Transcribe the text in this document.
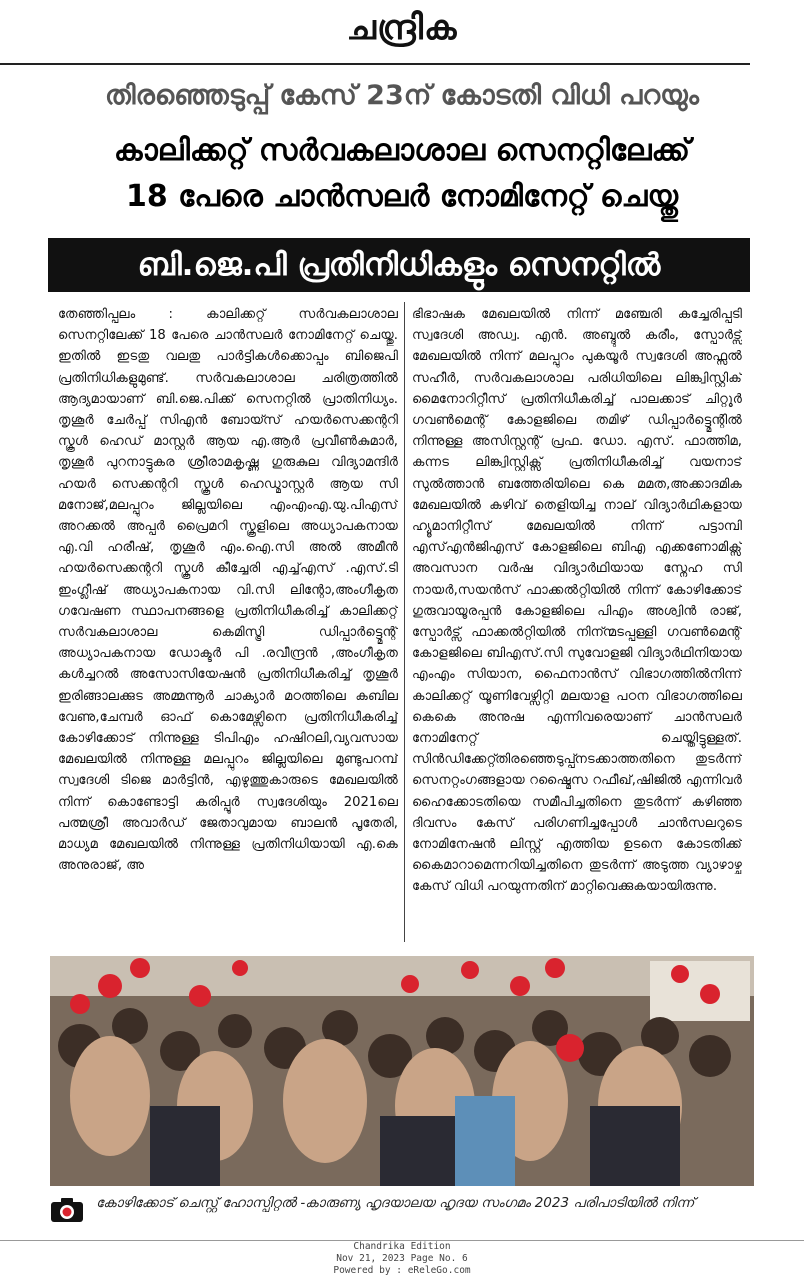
ചന്ദ്രിക
തിരഞ്ഞെടുപ്പ് കേസ് 23ന് കോടതി വിധി പറയും
കാലിക്കറ്റ് സർവകലാശാല സെനറ്റിലേക്ക്
18 പേരെ ചാൻസലർ നോമിനേറ്റ് ചെയ്തു
ബി.ജെ.പി പ്രതിനിധികളും സെനറ്റിൽ
തേഞ്ഞിപ്പലം : കാലിക്കറ്റ് സർവകലാശാല സെനറ്റിലേക്ക് 18 പേരെ ചാൻസലർ നോമിനേറ്റ് ചെയ്തു. ഇതിൽ ഇടതു വലതു പാർട്ടികൾക്കൊപ്പം ബിജെപി പ്രതിനിധികളുമുണ്ട്. സർവകലാശാല ചരിത്രത്തിൽ ആദ്യമായാണ് ബി.ജെ.പിക്ക് സെനറ്റിൽ പ്രാതിനിധ്യം. തൃശൂർ ചേർപ്പ് സിഎൻ ബോയ്സ് ഹയർസെക്കന്ററി സ്കൂൾ ഹെഡ് മാസ്റ്റർ ആയ എ.ആർ പ്രവീൺകുമാർ, തൃശൂർ പുറനാട്ടുകര ശ്രീരാമകൃഷ്ണ ഗുരുകുല വിദ്യാമന്ദിർ ഹയർ സെക്കന്ററി സ്കൂൾ ഹെഡ്മാസ്റ്റർ ആയ സി മനോജ്,മലപ്പുറം ജില്ലയിലെ എംഎംഎ.യു.പിഎസ് അറക്കൽ അപ്പർ പ്രൈമറി സ്കൂളിലെ അധ്യാപകനായ എ.വി ഹരീഷ്, തൃശൂർ എം.ഐ.സി അൽ അമീൻ ഹയർസെക്കന്ററി സ്കൂൾ കീച്ചേരി എച്ച്എസ് .എസ്.ടി ഇംഗ്ലീഷ് അധ്യാപകനായ വി.സി ലിന്റോ,അംഗീകൃത ഗവേഷണ സ്ഥാപനങ്ങളെ പ്രതിനിധീകരിച്ച് കാലിക്കറ്റ് സർവകലാശാല കെമിസ്ട്രി ഡിപ്പാർട്ട്മെന്റ് അധ്യാപകനായ ഡോക്ടർ പി .രവീന്ദ്രൻ ,അംഗീകൃത കൾച്ചറൽ അസോസിയേഷൻ പ്രതിനിധീകരിച്ച് തൃശൂർ ഇരിങ്ങാലക്കുട അമ്മന്നൂർ ചാക്യാർ മഠത്തിലെ കബില വേണു,ചേമ്പർ ഓഫ് കൊമേഴ്സിനെ പ്രതിനിധീകരിച്ച് കോഴിക്കോട് നിന്നുള്ള ടിപിഎം ഹഷിറലി,വ്യവസായ മേഖലയിൽ നിന്നുള്ള മലപ്പുറം ജില്ലയിലെ മുണ്ടുപറമ്പ് സ്വദേശി ടിജെ മാർട്ടിൻ, എഴുത്തുകാരുടെ മേഖലയിൽ നിന്ന് കൊണ്ടോട്ടി കരിപ്പൂർ സ്വദേശിയും 2021ലെ പത്മശ്രീ അവാർഡ് ജേതാവുമായ ബാലൻ പൂതേരി, മാധ്യമ മേഖലയിൽ നിന്നുള്ള പ്രതിനിധിയായി എ.കെ അനുരാജ്, അ
ഭിഭാഷക മേഖലയിൽ നിന്ന് മഞ്ചേരി കച്ചേരിപ്പടി സ്വദേശി അഡ്വ. എൻ. അബ്ദുൽ കരീം, സ്പോർട്സ് മേഖലയിൽ നിന്ന് മലപ്പുറം പുകയൂർ സ്വദേശി അഫ്സൽ സഹീർ, സർവകലാശാല പരിധിയിലെ ലിങ്ക്വിസ്റ്റിക് മൈനോറിറ്റീസ് പ്രതിനിധീകരിച്ച് പാലക്കാട് ചിറ്റൂർ ഗവൺമെന്റ് കോളജിലെ തമിഴ് ഡിപ്പാർട്ട്മെന്റിൽ നിന്നുള്ള അസിസ്റ്റന്റ് പ്രഫ. ഡോ. എസ്. ഫാത്തിമ, കന്നട ലിങ്ക്വിസ്റ്റിക്സ് പ്രതിനിധീകരിച്ച് വയനാട് സുൽത്താൻ ബത്തേരിയിലെ കെ മമത,അക്കാദമിക മേഖലയിൽ കഴിവ് തെളിയിച്ച നാല് വിദ്യാർഥികളായ ഹ്യൂമാനിറ്റീസ് മേഖലയിൽ നിന്ന് പട്ടാമ്പി എസ്എൻജിഎസ് കോളജിലെ ബിഎ എക്കണോമിക്സ് അവസാന വർഷ വിദ്യാർഥിയായ സ്നേഹ സി നായർ,സയൻസ് ഫാക്കൽറ്റിയിൽ നിന്ന് കോഴിക്കോട് ഗുരുവായൂരപ്പൻ കോളജിലെ പിഎം അശ്വിൻ രാജ്, സ്പോർട്സ് ഫാക്കൽറ്റിയിൽ നിന്ന്മടപ്പള്ളി ഗവൺമെന്റ് കോളജിലെ ബിഎസ്.സി സുവോളജി വിദ്യാർഥിനിയായ എംഎം സിയാന, ഫൈനാൻസ് വിഭാഗത്തിൽനിന്ന് കാലിക്കറ്റ് യൂണിവേഴ്സിറ്റി മലയാള പഠന വിഭാഗത്തിലെ കെകെ അനുഷ എന്നിവരെയാണ് ചാൻസലർ നോമിനേറ്റ് ചെയ്തിട്ടുള്ളത്. സിൻഡിക്കേറ്റ്തിരഞ്ഞെടുപ്പ്നടക്കാത്തതിനെ തുടർന്ന് സെനറ്റംഗങ്ങളായ റഷ്മൈസ റഫീഖ്,ഷിജിൽ എന്നിവർ ഹൈക്കോടതിയെ സമീപിച്ചതിനെ തുടർന്ന് കഴിഞ്ഞ ദിവസം കേസ് പരിഗണിച്ചപ്പോൾ ചാൻസലറുടെ നോമിനേഷൻ ലിസ്റ്റ് എത്തിയ ഉടനെ കോടതിക്ക് കൈമാറാമെന്നറിയിച്ചതിനെ തുടർന്ന് അടുത്ത വ്യാഴാഴ്ച കേസ് വിധി പറയുന്നതിന് മാറ്റിവെക്കുകയായിരുന്നു.
കോഴിക്കോട് ചെസ്റ്റ് ഹോസ്പിറ്റൽ -കാരുണ്യ ഹൃദയാലയ ഹൃദയ സംഗമം 2023 പരിപാടിയിൽ നിന്ന്
Chandrika Edition
Nov 21, 2023 Page No. 6
Powered by : eReleGo.com
